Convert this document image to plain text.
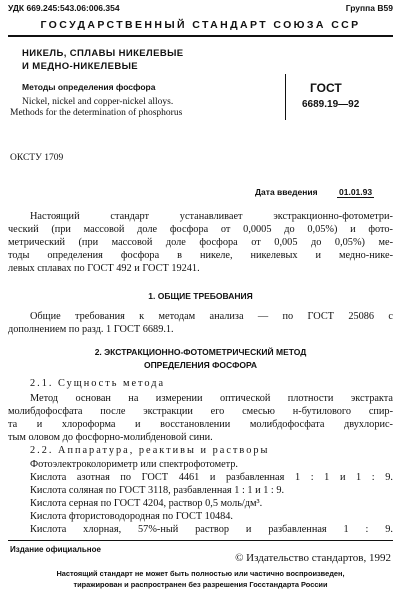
УДК 669.245:543.06:006.354	Группа В59
ГОСУДАРСТВЕННЫЙ СТАНДАРТ СОЮЗА ССР
НИКЕЛЬ, СПЛАВЫ НИКЕЛЕВЫЕ
И МЕДНО-НИКЕЛЕВЫЕ
Методы определения фосфора
Nickel, nickel and copper-nickel alloys.
Methods for the determination of phosphorus
ГОСТ
6689.19—92
ОКСТУ 1709
Дата введения	01.01.93
Настоящий стандарт устанавливает экстракционно-фотометри-
ческий (при массовой доле фосфора от 0,0005 до 0,05%) и фото-
метрический (при массовой доле фосфора от 0,005 до 0,05%) ме-
тоды определения фосфора в никеле, никелевых и медно-нике-
левых сплавах по ГОСТ 492 и ГОСТ 19241.
1. ОБЩИЕ ТРЕБОВАНИЯ
Общие требования к методам анализа — по ГОСТ 25086 с
дополнением по разд. 1 ГОСТ 6689.1.
2. ЭКСТРАКЦИОННО-ФОТОМЕТРИЧЕСКИЙ МЕТОД
ОПРЕДЕЛЕНИЯ ФОСФОРА
2.1. Сущность метода
Метод основан на измерении оптической плотности экстракта
молибдофосфата после экстракции его смесью н-бутилового спир-
та и хлороформа и восстановлении молибдофосфата двухлорис-
тым оловом до фосфорно-молибденовой сини.
2.2. Аппаратура, реактивы и растворы
Фотоэлектроколориметр или спектрофотометр.
Кислота азотная по ГОСТ 4461 и разбавленная 1 : 1 и 1 : 9.
Кислота соляная по ГОСТ 3118, разбавленная 1 : 1 и 1 : 9.
Кислота серная по ГОСТ 4204, раствор 0,5 моль/дм³.
Кислота фтористоводородная по ГОСТ 10484.
Кислота хлорная, 57%-ный раствор и разбавленная 1 : 9.
Издание официальное
© Издательство стандартов, 1992
Настоящий стандарт не может быть полностью или частично воспроизведен,
тиражирован и распространен без разрешения Госстандарта России
